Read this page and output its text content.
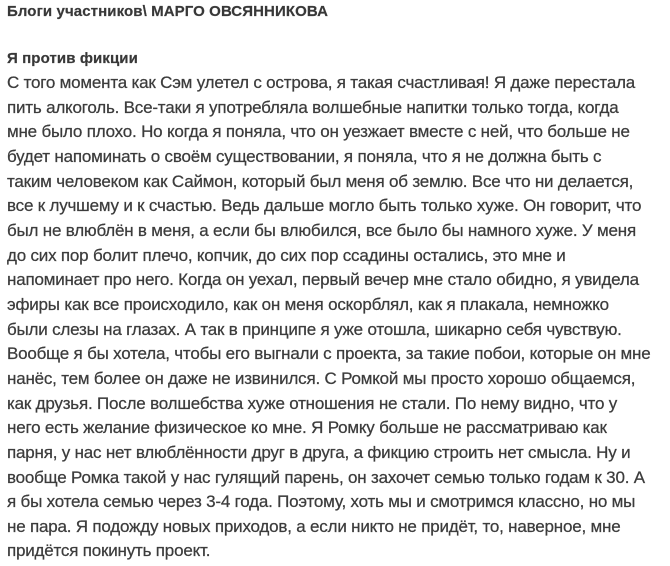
Блоги участников\ МАРГО ОВСЯННИКОВА
Я против фикции
С того момента как Сэм улетел с острова, я такая счастливая! Я даже перестала
пить алкоголь. Все-таки я употребляла волшебные напитки только тогда, когда
мне было плохо. Но когда я поняла, что он уезжает вместе с ней, что больше не
будет напоминать о своём существовании, я поняла, что я не должна быть с
таким человеком как Саймон, который был меня об землю. Все что ни делается,
все к лучшему и к счастью. Ведь дальше могло быть только хуже. Он говорит, что
был не влюблён в меня, а если бы влюбился, все было бы намного хуже. У меня
до сих пор болит плечо, копчик, до сих пор ссадины остались, это мне и
напоминает про него. Когда он уехал, первый вечер мне стало обидно, я увидела
эфиры как все происходило, как он меня оскорблял, как я плакала, немножко
были слезы на глазах. А так в принципе я уже отошла, шикарно себя чувствую.
Вообще я бы хотела, чтобы его выгнали с проекта, за такие побои, которые он мне
нанёс, тем более он даже не извинился. С Ромкой мы просто хорошо общаемся,
как друзья. После волшебства хуже отношения не стали. По нему видно, что у
него есть желание физическое ко мне. Я Ромку больше не рассматриваю как
парня, у нас нет влюблённости друг в друга, а фикцию строить нет смысла. Ну и
вообще Ромка такой у нас гулящий парень, он захочет семью только годам к 30. А
я бы хотела семью через 3-4 года. Поэтому, хоть мы и смотримся классно, но мы
не пара. Я подожду новых приходов, а если никто не придёт, то, наверное, мне
придётся покинуть проект.
